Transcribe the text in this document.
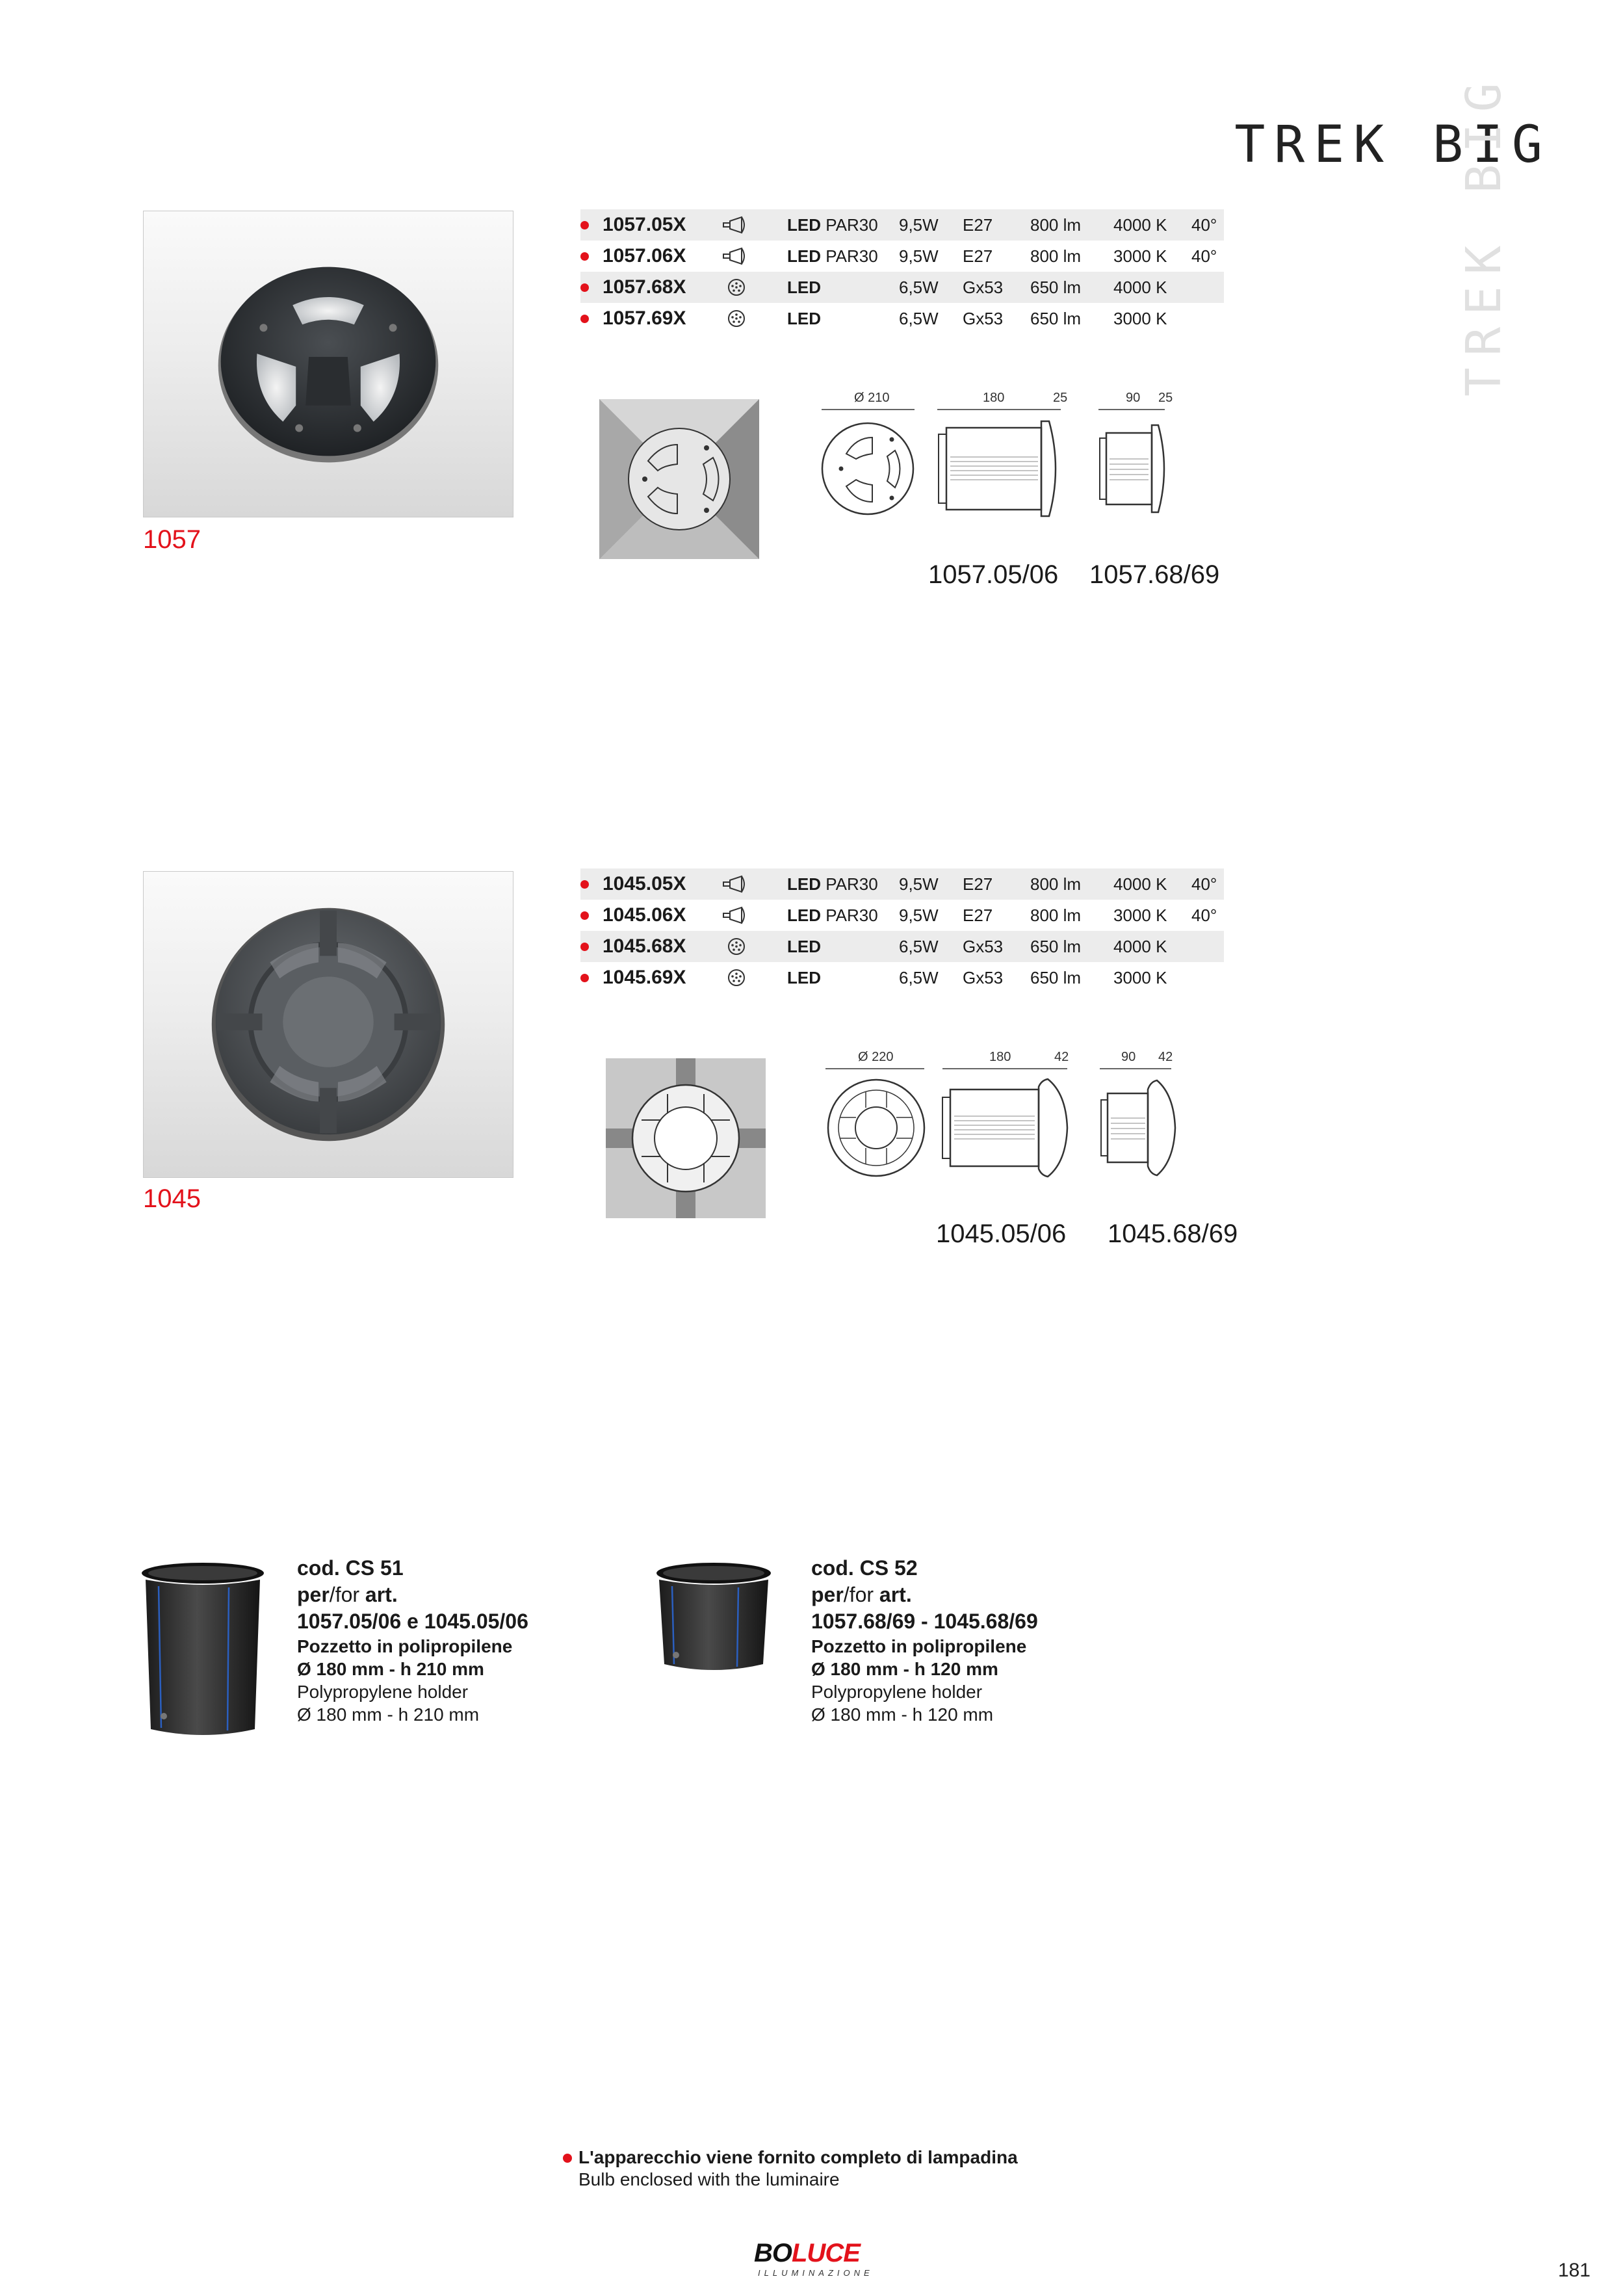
TREK BIG
TREK BIG
1057
1057.05X	LED PAR30 9,5W E27 800 lm 4000 K 40°
1057.06X	LED PAR30 9,5W E27 800 lm 3000 K 40°
1057.68X	LED	6,5W Gx53 650 lm 4000 K
1057.69X	LED	6,5W Gx53 650 lm 3000 K
Ø 210	180	25	90 25
1057.05/06 1057.68/69
1045
1045.05X	LED PAR30 9,5W E27 800 lm 4000 K 40°
1045.06X	LED PAR30 9,5W E27 800 lm 3000 K 40°
1045.68X	LED	6,5W Gx53 650 lm 4000 K
1045.69X	LED	6,5W Gx53 650 lm 3000 K
Ø 220	180	42	90 42
1045.05/06 1045.68/69
cod. CS 51
per/for art.
1057.05/06 e 1045.05/06
Pozzetto in polipropilene
Ø 180 mm - h 210 mm
Polypropylene holder
Ø 180 mm - h 210 mm
cod. CS 52
per/for art.
1057.68/69 - 1045.68/69
Pozzetto in polipropilene
Ø 180 mm - h 120 mm
Polypropylene holder
Ø 180 mm - h 120 mm
L'apparecchio viene fornito completo di lampadina
Bulb enclosed with the luminaire
BOLUCE
ILLUMINAZIONE	181
